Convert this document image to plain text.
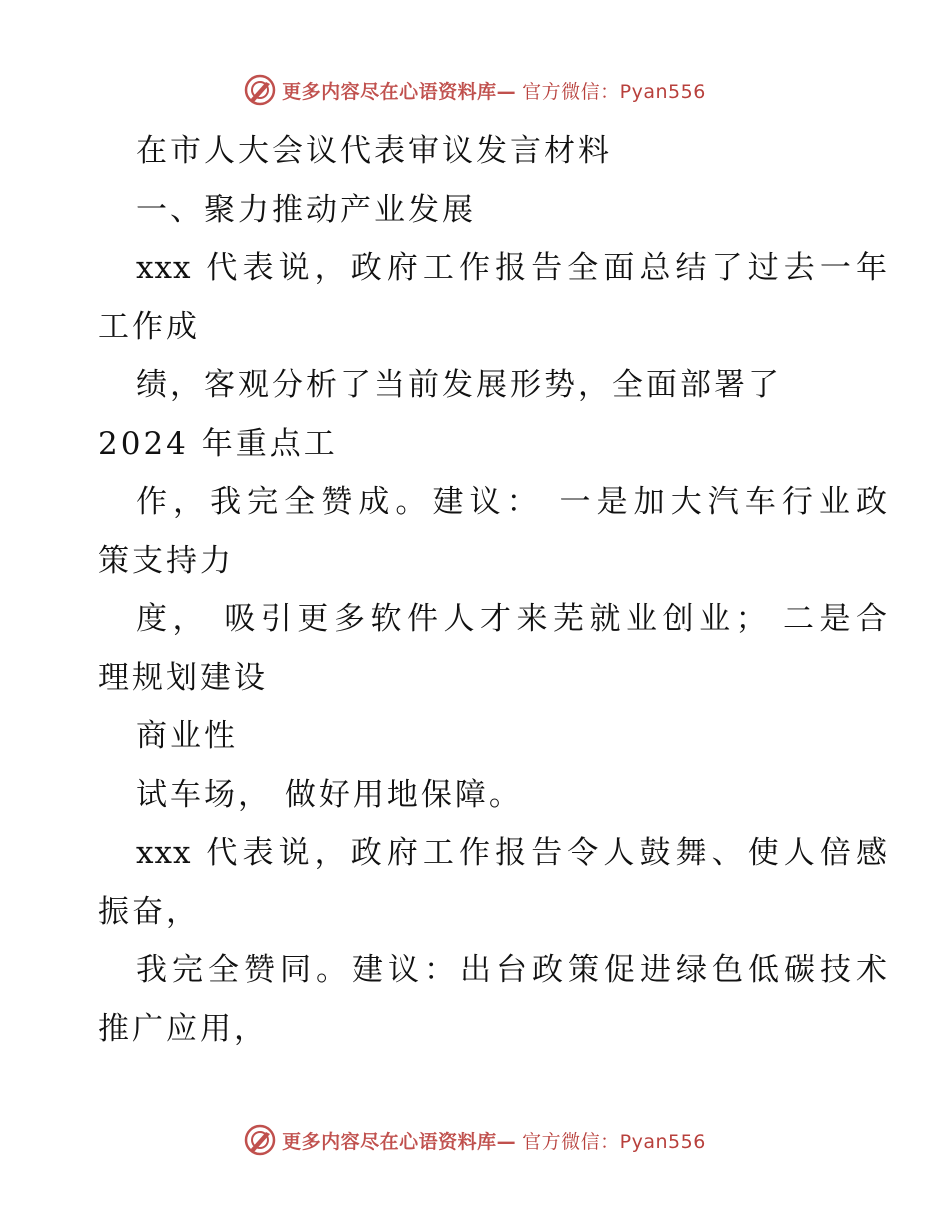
更多内容尽在心语资料库— 官方微信：Pyan556
在市人大会议代表审议发言材料
一、聚力推动产业发展
xxx 代表说，政府工作报告全面总结了过去一年
工作成
绩，客观分析了当前发展形势，全面部署了
2024 年重点工
作，我完全赞成。建议： 一是加大汽车行业政
策支持力
度， 吸引更多软件人才来芜就业创业； 二是合
理规划建设
商业性
试车场， 做好用地保障。
xxx 代表说，政府工作报告令人鼓舞、使人倍感
振奋，
我完全赞同。建议：出台政策促进绿色低碳技术
推广应用，
更多内容尽在心语资料库— 官方微信：Pyan556
